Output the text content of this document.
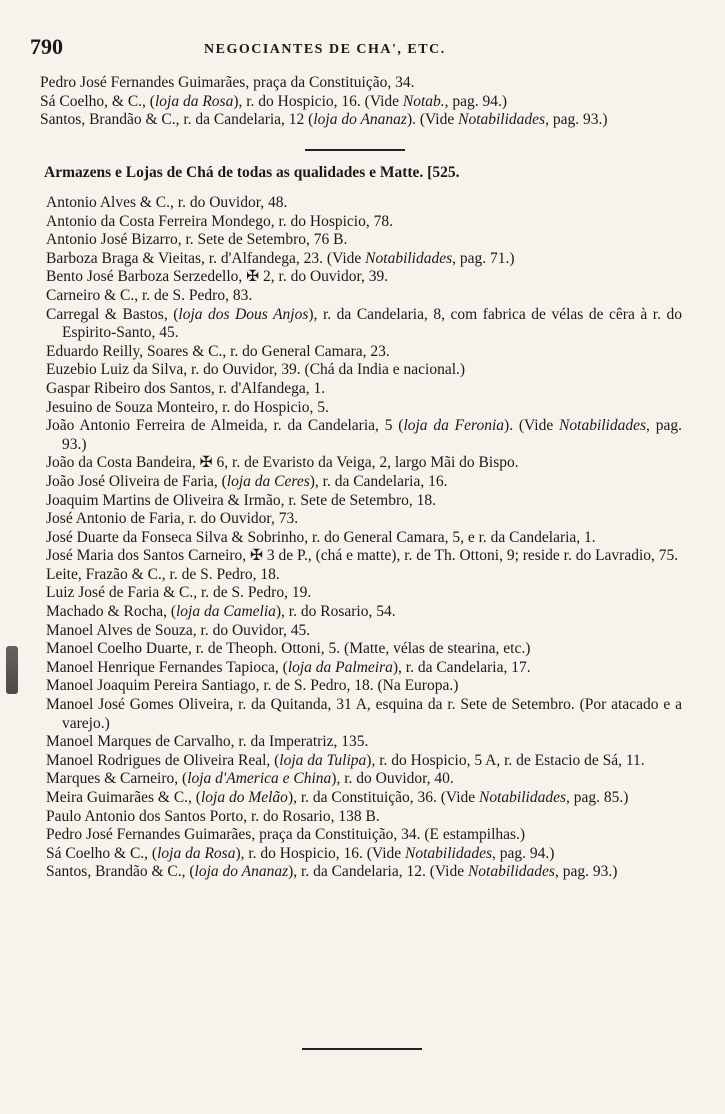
790	NEGOCIANTES DE CHA', ETC.

Pedro José Fernandes Guimarães, praça da Constituição, 34.

Sá Coelho, & C., (loja da Rosa), r. do Hospicio, 16. (Vide Notab., pag. 94.)

Santos, Brandão & C., r. da Candelaria, 12 (loja do Ananaz). (Vide Notabilidades, pag. 93.)

Armazens e Lojas de Chá de todas as qualidades e Matte. [525.

Antonio Alves & C., r. do Ouvidor, 48.

Antonio da Costa Ferreira Mondego, r. do Hospicio, 78.

Antonio José Bizarro, r. Sete de Setembro, 76 B.

Barboza Braga & Vieitas, r. d'Alfandega, 23. (Vide Notabilidades, pag. 71.)

Bento José Barboza Serzedello, ✠ 2, r. do Ouvidor, 39.

Carneiro & C., r. de S. Pedro, 83.

Carregal & Bastos, (loja dos Dous Anjos), r. da Candelaria, 8, com fabrica de vélas de cêra à r. do Espirito-Santo, 45.

Eduardo Reilly, Soares & C., r. do General Camara, 23.

Euzebio Luiz da Silva, r. do Ouvidor, 39. (Chá da India e nacional.)

Gaspar Ribeiro dos Santos, r. d'Alfandega, 1.

Jesuino de Souza Monteiro, r. do Hospicio, 5.

João Antonio Ferreira de Almeida, r. da Candelaria, 5 (loja da Feronia). (Vide Notabilidades, pag. 93.)

João da Costa Bandeira, ✠ 6, r. de Evaristo da Veiga, 2, largo Mãi do Bispo.

João José Oliveira de Faria, (loja da Ceres), r. da Candelaria, 16.

Joaquim Martins de Oliveira & Irmão, r. Sete de Setembro, 18.

José Antonio de Faria, r. do Ouvidor, 73.

José Duarte da Fonseca Silva & Sobrinho, r. do General Camara, 5, e r. da Candelaria, 1.

José Maria dos Santos Carneiro, ✠ 3 de P., (chá e matte), r. de Th. Ottoni, 9; reside r. do Lavradio, 75.

Leite, Frazão & C., r. de S. Pedro, 18.

Luiz José de Faria & C., r. de S. Pedro, 19.

Machado & Rocha, (loja da Camelia), r. do Rosario, 54.

Manoel Alves de Souza, r. do Ouvidor, 45.

Manoel Coelho Duarte, r. de Theoph. Ottoni, 5. (Matte, vélas de stearina, etc.)

Manoel Henrique Fernandes Tapioca, (loja da Palmeira), r. da Candelaria, 17.

Manoel Joaquim Pereira Santiago, r. de S. Pedro, 18. (Na Europa.)

Manoel José Gomes Oliveira, r. da Quitanda, 31 A, esquina da r. Sete de Setembro. (Por atacado e a varejo.)

Manoel Marques de Carvalho, r. da Imperatriz, 135.

Manoel Rodrigues de Oliveira Real, (loja da Tulipa), r. do Hospicio, 5 A, r. de Estacio de Sá, 11.

Marques & Carneiro, (loja d'America e China), r. do Ouvidor, 40.

Meira Guimarães & C., (loja do Melão), r. da Constituição, 36. (Vide Notabilidades, pag. 85.)

Paulo Antonio dos Santos Porto, r. do Rosario, 138 B.

Pedro José Fernandes Guimarães, praça da Constituição, 34. (E estampilhas.)

Sá Coelho & C., (loja da Rosa), r. do Hospicio, 16. (Vide Notabilidades, pag. 94.)

Santos, Brandão & C., (loja do Ananaz), r. da Candelaria, 12. (Vide Notabilidades, pag. 93.)
